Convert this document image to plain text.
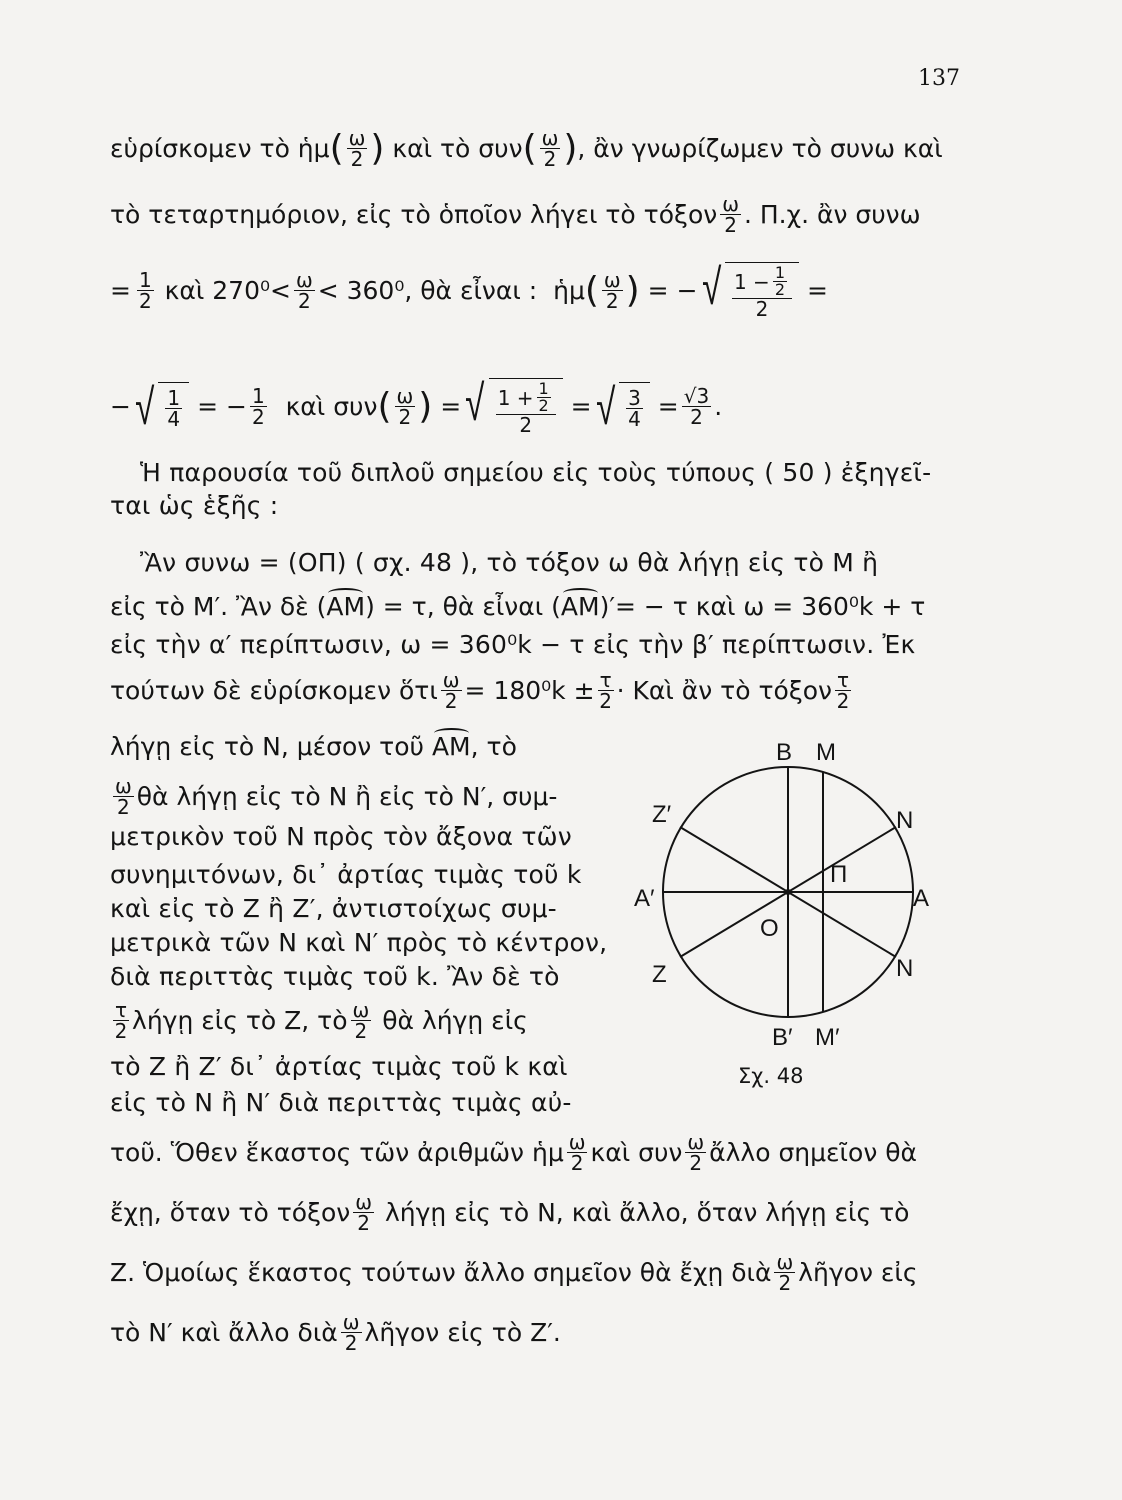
137
εὑρίσκομεν τὸ ἡμ ( $\frac{\omega}{2}$ )
καὶ τὸ συν ( $\frac{\omega}{2}$ ) , ἂν γνωρίζωμεν τὸ συνω καὶ
τὸ τεταρτημόριον, εἰς τὸ ὁποῖον λήγει τὸ τόξον $\frac{\omega}{2}$ . Π.χ. ἂν συνω
= $\frac{1}{2}$
καὶ $270^0< \frac{\omega}{2} < 360^0$, θὰ εἶναι :
ἡμ ( $\frac{\omega}{2}$ )
= − √ $\frac{1 - \frac{1}{2}}{2}$
=
− √ $\frac{1}{4}$
= − $\frac{1}{2}$
καὶ συν ( $\frac{\omega}{2}$ )
= √ $\frac{1 + \frac{1}{2}}{2}$
= √ $\frac{3}{4}$
= $\frac{√3}{2}$ .
Ἡ παρουσία τοῦ διπλοῦ σημείου εἰς τοὺς τύπους ( 50 ) ἐξηγεῖ-
ται ὡς ἑξῆς :
Ἂν συνω = (ΟΠ) ( σχ. 48 ), τὸ τόξον ω θὰ λήγῃ εἰς τὸ Μ ἢ
εἰς τὸ Μ′. Ἂν δὲ ( ΑΜ ) = τ, θὰ εἶναι ( ΑΜ )′= − τ καὶ ω = 360⁰k + τ
εἰς τὴν α′ περίπτωσιν, ω = 360⁰k − τ εἰς τὴν β′ περίπτωσιν. Ἐκ
τούτων δὲ εὑρίσκομεν ὅτι $\frac{\omega}{2} = 180^0k \pm \frac{\tau}{2}$ · Καὶ ἂν τὸ τόξον $\frac{\tau}{2}$
λήγῃ εἰς τὸ Ν, μέσον τοῦ
ΑΜ , τὸ
$\frac{\omega}{2}$ θὰ λήγῃ εἰς τὸ Ν ἢ εἰς τὸ Ν′, συμ-
μετρικὸν τοῦ Ν πρὸς τὸν ἄξονα τῶν
συνημιτόνων, δι᾽ ἀρτίας τιμὰς τοῦ k
καὶ εἰς τὸ Ζ ἢ Ζ′, ἀντιστοίχως συμ-
μετρικὰ τῶν Ν καὶ Ν′ πρὸς τὸ κέντρον,
διὰ περιττὰς τιμὰς τοῦ k. Ἂν δὲ τὸ
$\frac{\tau}{2}$ λήγῃ εἰς τὸ Ζ, τὸ $\frac{\omega}{2}$
θὰ λήγῃ εἰς
τὸ Ζ ἢ Ζ′ δι᾽ ἀρτίας τιμὰς τοῦ k καὶ
εἰς τὸ Ν ἢ Ν′ διὰ περιττὰς τιμὰς αὐ-
τοῦ. Ὅθεν ἕκαστος τῶν ἀριθμῶν ἡμ $\frac{\omega}{2}$ καὶ συν $\frac{\omega}{2}$ ἄλλο σημεῖον θὰ
ἔχῃ, ὅταν τὸ τόξον $\frac{\omega}{2}$
λήγῃ εἰς τὸ Ν, καὶ ἄλλο, ὅταν λήγῃ εἰς τὸ
Ζ. Ὁμοίως ἕκαστος τούτων ἄλλο σημεῖον θὰ ἔχῃ διὰ $\frac{\omega}{2}$ λῆγον εἰς
τὸ Ν′ καὶ ἄλλο διὰ $\frac{\omega}{2}$ λῆγον εἰς τὸ Ζ′.
Β Μ
Ζ′	Ν
Α′
Π
Α
Ο
Ζ	Ν
Β′ Μ′
Σχ. 48
